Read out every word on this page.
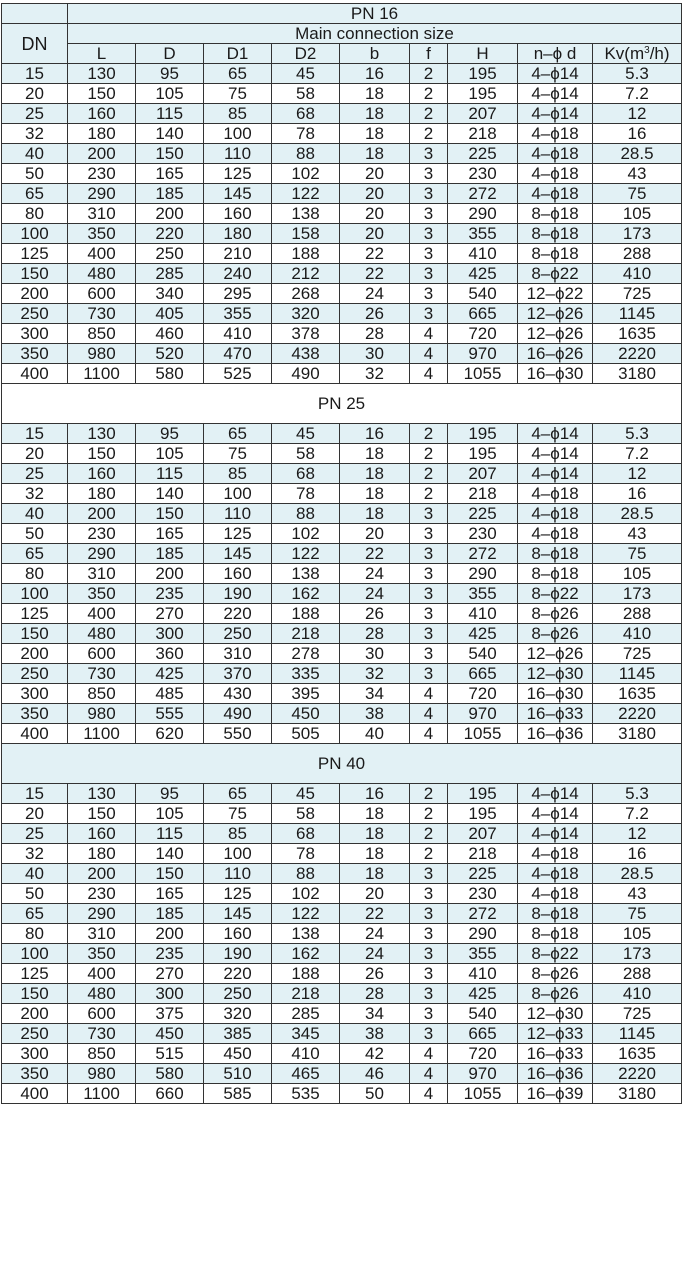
	PN 16								
DN	Main connection size								
	L	D	D1	D2	b	f	H	n–ϕ d	$Kv(m^3/h)$
15	130	95	65	45	16	2	195	4–ϕ14	5.3
20	150	105	75	58	18	2	195	4–ϕ14	7.2
25	160	115	85	68	18	2	207	4–ϕ14	12
32	180	140	100	78	18	2	218	4–ϕ18	16
40	200	150	110	88	18	3	225	4–ϕ18	28.5
50	230	165	125	102	20	3	230	4–ϕ18	43
65	290	185	145	122	20	3	272	4–ϕ18	75
80	310	200	160	138	20	3	290	8–ϕ18	105
100	350	220	180	158	20	3	355	8–ϕ18	173
125	400	250	210	188	22	3	410	8–ϕ18	288
150	480	285	240	212	22	3	425	8–ϕ22	410
200	600	340	295	268	24	3	540	12–ϕ22	725
250	730	405	355	320	26	3	665	12–ϕ26	1145
300	850	460	410	378	28	4	720	12–ϕ26	1635
350	980	520	470	438	30	4	970	16–ϕ26	2220
400	1100	580	525	490	32	4	1055	16–ϕ30	3180
PN 25									
15	130	95	65	45	16	2	195	4–ϕ14	5.3
20	150	105	75	58	18	2	195	4–ϕ14	7.2
25	160	115	85	68	18	2	207	4–ϕ14	12
32	180	140	100	78	18	2	218	4–ϕ18	16
40	200	150	110	88	18	3	225	4–ϕ18	28.5
50	230	165	125	102	20	3	230	4–ϕ18	43
65	290	185	145	122	22	3	272	8–ϕ18	75
80	310	200	160	138	24	3	290	8–ϕ18	105
100	350	235	190	162	24	3	355	8–ϕ22	173
125	400	270	220	188	26	3	410	8–ϕ26	288
150	480	300	250	218	28	3	425	8–ϕ26	410
200	600	360	310	278	30	3	540	12–ϕ26	725
250	730	425	370	335	32	3	665	12–ϕ30	1145
300	850	485	430	395	34	4	720	16–ϕ30	1635
350	980	555	490	450	38	4	970	16–ϕ33	2220
400	1100	620	550	505	40	4	1055	16–ϕ36	3180
PN 40									
15	130	95	65	45	16	2	195	4–ϕ14	5.3
20	150	105	75	58	18	2	195	4–ϕ14	7.2
25	160	115	85	68	18	2	207	4–ϕ14	12
32	180	140	100	78	18	2	218	4–ϕ18	16
40	200	150	110	88	18	3	225	4–ϕ18	28.5
50	230	165	125	102	20	3	230	4–ϕ18	43
65	290	185	145	122	22	3	272	8–ϕ18	75
80	310	200	160	138	24	3	290	8–ϕ18	105
100	350	235	190	162	24	3	355	8–ϕ22	173
125	400	270	220	188	26	3	410	8–ϕ26	288
150	480	300	250	218	28	3	425	8–ϕ26	410
200	600	375	320	285	34	3	540	12–ϕ30	725
250	730	450	385	345	38	3	665	12–ϕ33	1145
300	850	515	450	410	42	4	720	16–ϕ33	1635
350	980	580	510	465	46	4	970	16–ϕ36	2220
400	1100	660	585	535	50	4	1055	16–ϕ39	3180
